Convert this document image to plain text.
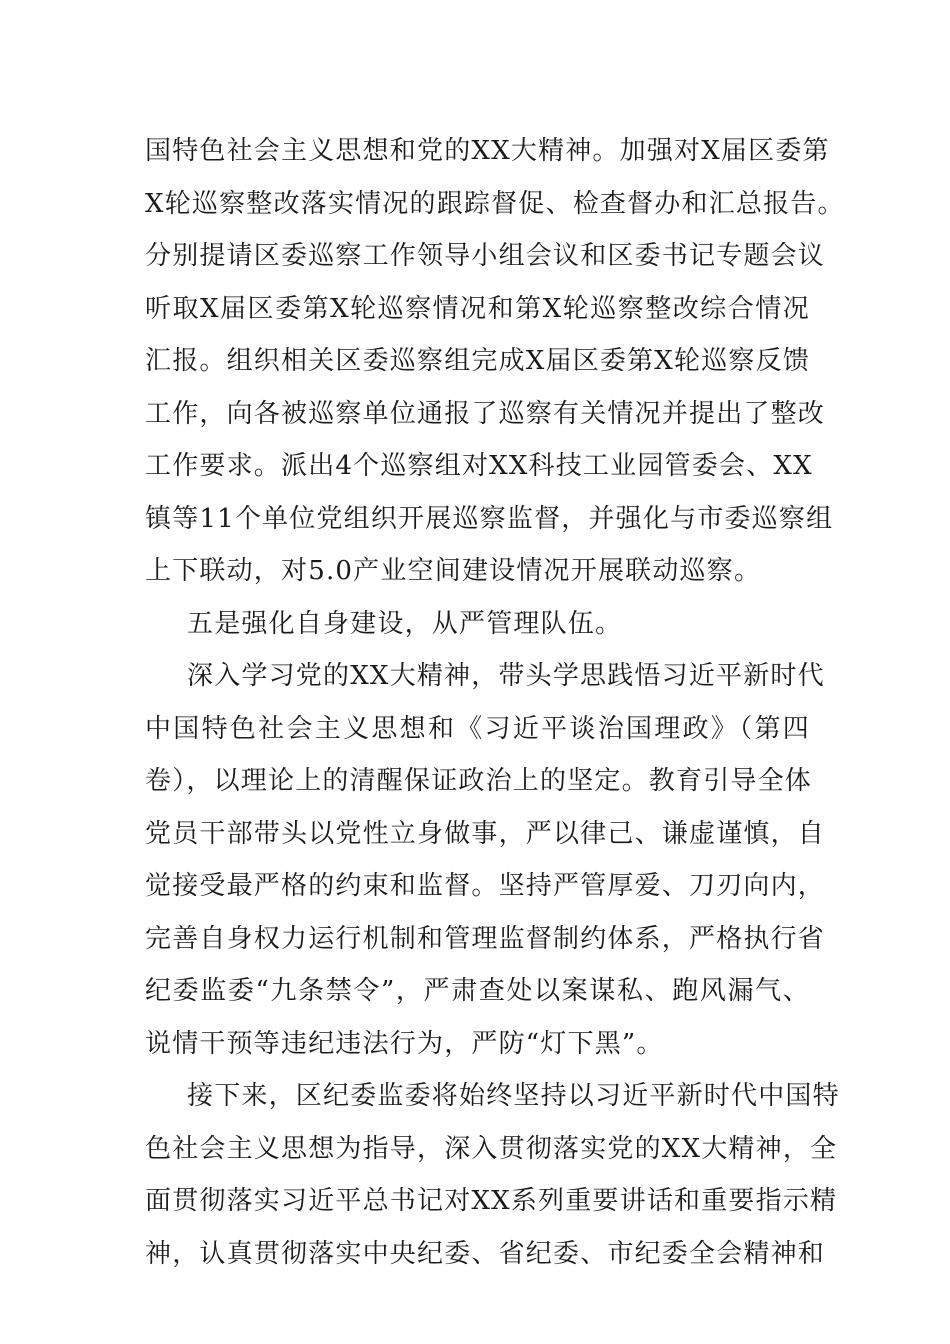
国特色社会主义思想和党的XX大精神。加强对X届区委第
X轮巡察整改落实情况的跟踪督促、检查督办和汇总报告。
分别提请区委巡察工作领导小组会议和区委书记专题会议
听取X届区委第X轮巡察情况和第X轮巡察整改综合情况
汇报。组织相关区委巡察组完成X届区委第X轮巡察反馈
工作，向各被巡察单位通报了巡察有关情况并提出了整改
工作要求。派出4个巡察组对XX科技工业园管委会、XX
镇等11个单位党组织开展巡察监督，并强化与市委巡察组
上下联动，对5.0产业空间建设情况开展联动巡察。
五是强化自身建设，从严管理队伍。
深入学习党的XX大精神，带头学思践悟习近平新时代
中国特色社会主义思想和《习近平谈治国理政》（第四
卷），以理论上的清醒保证政治上的坚定。教育引导全体
党员干部带头以党性立身做事，严以律己、谦虚谨慎，自
觉接受最严格的约束和监督。坚持严管厚爱、刀刃向内，
完善自身权力运行机制和管理监督制约体系，严格执行省
纪委监委“九条禁令”，严肃查处以案谋私、跑风漏气、
说情干预等违纪违法行为，严防“灯下黑”。
接下来，区纪委监委将始终坚持以习近平新时代中国特
色社会主义思想为指导，深入贯彻落实党的XX大精神，全
面贯彻落实习近平总书记对XX系列重要讲话和重要指示精
神，认真贯彻落实中央纪委、省纪委、市纪委全会精神和
